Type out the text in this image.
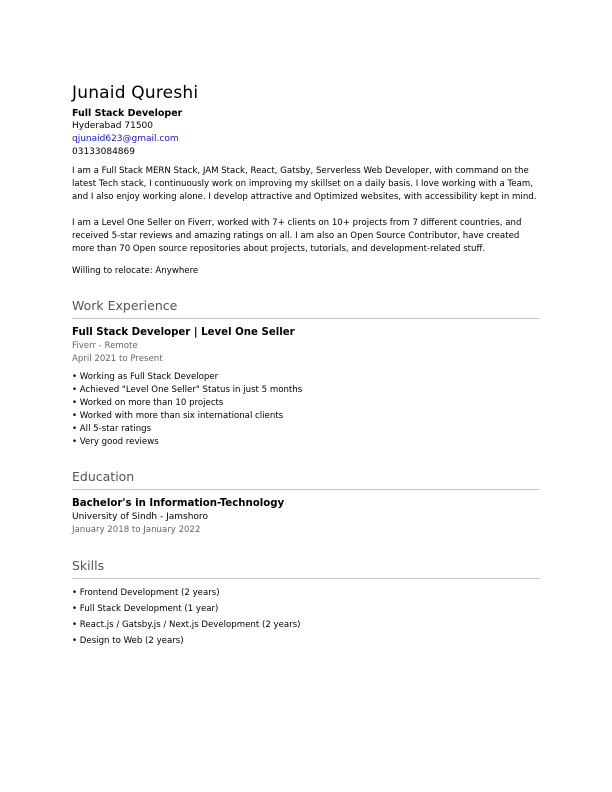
Junaid Qureshi
Full Stack Developer
Hyderabad 71500
qjunaid623@gmail.com
03133084869

I am a Full Stack MERN Stack, JAM Stack, React, Gatsby, Serverless Web Developer, with command on the latest Tech stack, I continuously work on improving my skillset on a daily basis. I love working with a Team, and I also enjoy working alone. I develop attractive and Optimized websites, with accessibility kept in mind.

I am a Level One Seller on Fiverr, worked with 7+ clients on 10+ projects from 7 different countries, and received 5-star reviews and amazing ratings on all. I am also an Open Source Contributor, have created more than 70 Open source repositories about projects, tutorials, and development-related stuff.

Willing to relocate: Anywhere
Work Experience
Full Stack Developer | Level One Seller
Fiverr - Remote
April 2021 to Present
• Working as Full Stack Developer
• Achieved "Level One Seller" Status in just 5 months
• Worked on more than 10 projects
• Worked with more than six international clients
• All 5-star ratings
• Very good reviews
Education
Bachelor's in Information-Technology
University of Sindh - Jamshoro
January 2018 to January 2022
Skills
• Frontend Development (2 years)
• Full Stack Development (1 year)
• React.js / Gatsby.js / Next.js Development (2 years)
• Design to Web (2 years)
